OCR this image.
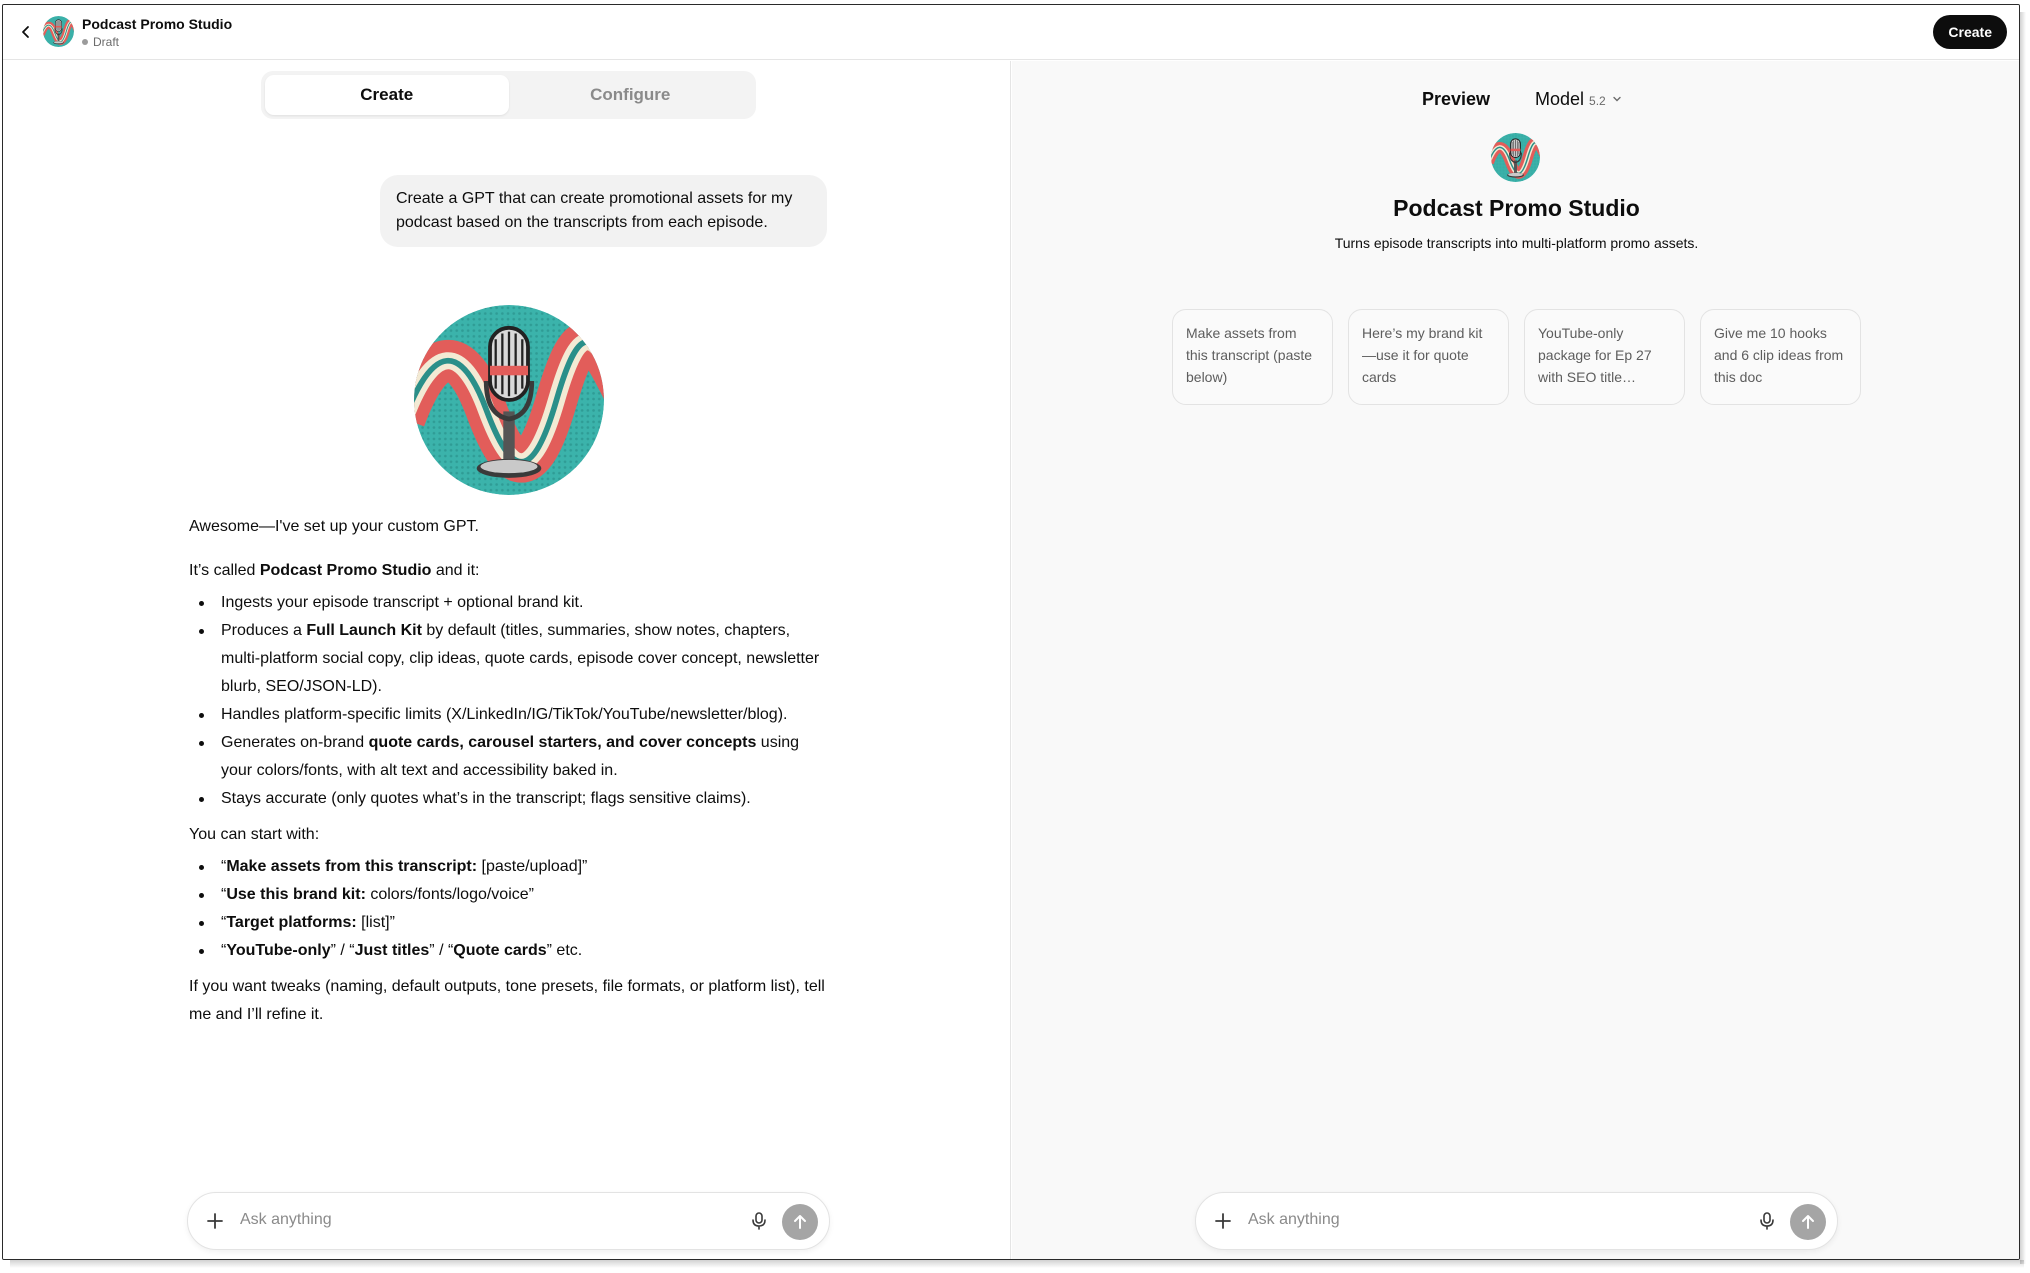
Podcast Promo Studio
Draft
Create
Create	Configure
Create a GPT that can create promotional assets for my podcast based on the transcripts from each episode.

Awesome—I've set up your custom GPT.

It’s called Podcast Promo Studio and it:

Ingests your episode transcript + optional brand kit.
Produces a Full Launch Kit by default (titles, summaries, show notes, chapters, multi-platform social copy, clip ideas, quote cards, episode cover concept, newsletter blurb, SEO/JSON-LD).
Handles platform-specific limits (X/LinkedIn/IG/TikTok/YouTube/newsletter/blog).
Generates on-brand quote cards, carousel starters, and cover concepts using your colors/fonts, with alt text and accessibility baked in.
Stays accurate (only quotes what’s in the transcript; flags sensitive claims).

You can start with:

“Make assets from this transcript: [paste/upload]”
“Use this brand kit: colors/fonts/logo/voice”
“Target platforms: [list]”
“YouTube-only” / “Just titles” / “Quote cards” etc.

If you want tweaks (naming, default outputs, tone presets, file formats, or platform list), tell me and I’ll refine it.

Ask anything
Preview Model 5.2
Podcast Promo Studio
Turns episode transcripts into multi-platform promo assets.
Make assets from this transcript (paste below)
Here’s my brand kit—use it for quote cards
YouTube-only package for Ep 27 with SEO title…
Give me 10 hooks and 6 clip ideas from this doc
Ask anything
